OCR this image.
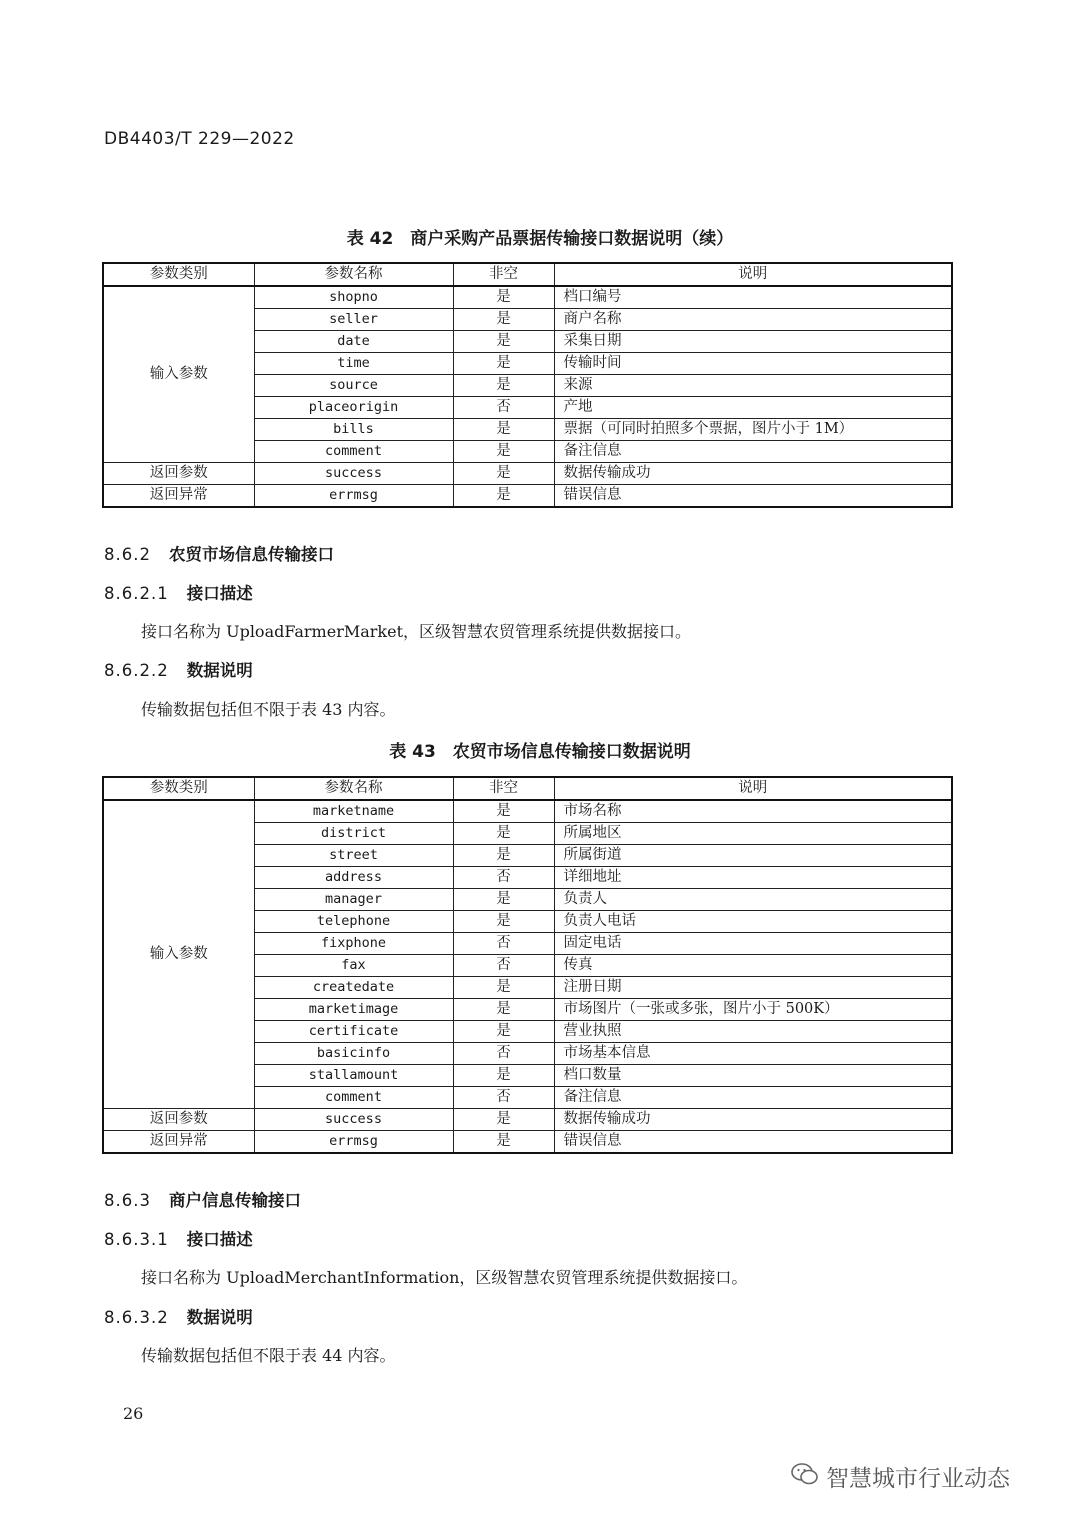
DB4403/T 229—2022
表 42　商户采购产品票据传输接口数据说明（续）
参数类别	参数名称	非空	说明
输入参数	shopno	是	档口编号
	seller	是	商户名称
	date	是	采集日期
	time	是	传输时间
	source	是	来源
	placeorigin	否	产地
	bills	是	票据（可同时拍照多个票据，图片小于 1M）
	comment	是	备注信息
返回参数	success	是	数据传输成功
返回异常	errmsg	是	错误信息
8.6.2 农贸市场信息传输接口
8.6.2.1 接口描述
接口名称为 UploadFarmerMarket，区级智慧农贸管理系统提供数据接口。
8.6.2.2 数据说明
传输数据包括但不限于表 43 内容。
表 43　农贸市场信息传输接口数据说明
参数类别	参数名称	非空	说明
输入参数	marketname	是	市场名称
	district	是	所属地区
	street	是	所属街道
	address	否	详细地址
	manager	是	负责人
	telephone	是	负责人电话
	fixphone	否	固定电话
	fax	否	传真
	createdate	是	注册日期
	marketimage	是	市场图片（一张或多张，图片小于 500K）
	certificate	是	营业执照
	basicinfo	否	市场基本信息
	stallamount	是	档口数量
	comment	否	备注信息
返回参数	success	是	数据传输成功
返回异常	errmsg	是	错误信息
8.6.3 商户信息传输接口
8.6.3.1 接口描述
接口名称为 UploadMerchantInformation，区级智慧农贸管理系统提供数据接口。
8.6.3.2 数据说明
传输数据包括但不限于表 44 内容。
26
智慧城市行业动态
